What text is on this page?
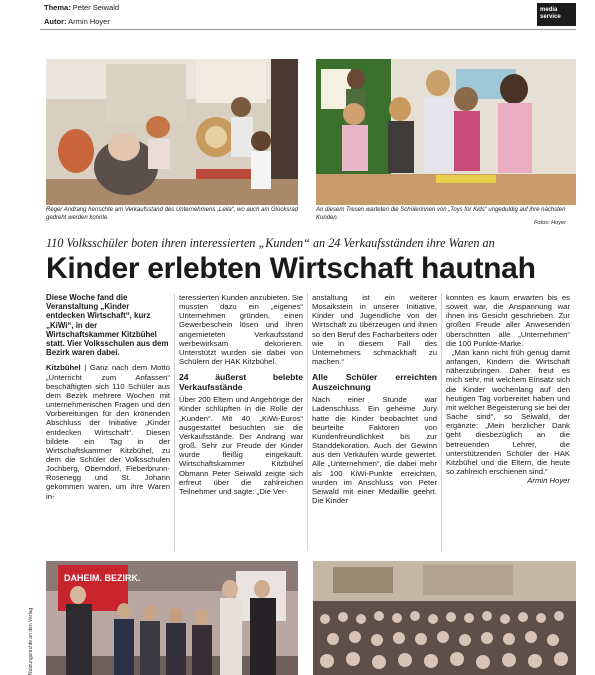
Thema: Peter Seiwald
Autor: Armin Hoyer
media
service
Reger Andrang herrschte am Verkaufsstand des Unternehmens „Leila“, wo auch am Glücksrad gedreht werden konnte.
An diesem Tresen warteten die Schülerinnen von „Toys for Kids“ ungeduldig auf ihre nächsten Kunden.
Fotos: Hoyer
110 Volksschüler boten ihren interessierten „Kunden“ an 24 Verkaufsständen ihre Waren an
Kinder erlebten Wirtschaft hautnah

Diese Woche fand die Veranstaltung „Kinder entdecken Wirtschaft“, kurz „KiWi“, in der Wirtschaftskammer Kitzbühel statt. Vier Volksschulen aus dem Bezirk waren dabei.

Kitzbühel | Ganz nach dem Motto „Unterricht zum Anfassen“ beschäftigten sich 110 Schüler aus dem Bezirk mehrere Wochen mit unternehmerischen Fragen und den Vorbereitungen für den krönenden Abschluss der Initiative „Kinder entdecken Wirtschaft“. Diesen bildete ein Tag in der Wirtschaftskammer Kitzbühel, zu dem die Schüler der Volksschulen Jochberg, Oberndorf, Fieberbrunn-Rosenegg und St. Johann gekommen waren, um ihre Waren in-

teressierten Kunden anzubieten. Sie mussten dazu ein „eigenes“ Unternehmen gründen, einen Gewerbeschein lösen und ihren angemieteten Verkaufsstand werbewirksam dekorieren. Unterstützt wurden sie dabei von Schülern der HAK Kitzbühel.

24 äußerst belebte Verkaufsstände

Über 200 Eltern und Angehörige der Kinder schlüpften in die Rolle der „Kunden“. Mit 40 „KiWi-Euros“ ausgestattet besuchten sie die Verkaufsstände. Der Andrang war groß. Sehr zur Freude der Kinder wurde fleißig eingekauft. Wirtschaftskammer Kitzbühel Obmann Peter Seiwald zeigte sich erfreut über die zahlreichen Teilnehmer und sagte: „Die Ver-

anstaltung ist ein weiterer Mosaikstein in unserer Initiative, Kinder und Jugendliche von der Wirtschaft zu überzeugen und ihnen so den Beruf des Facharbeiters oder wie in diesem Fall des Unternehmers schmackhaft zu machen.“

Alle Schüler erreichten Auszeichnung

Nach einer Stunde war Ladenschluss. Ein geheime Jury hatte die Kinder beobachtet und beurteilte Faktoren von Kundenfreundlichkeit bis zur Standdekoration. Auch der Gewinn aus den Verkäufen wurde gewertet. Alle „Unternehmen“, die dabei mehr als 100 KiWi-Punkte erreichten, wurden im Anschluss von Peter Seiwald mit einer Medaillie geehrt. Die Kinder

konnten es kaum erwarten bis es soweit war, die Anspannung war ihnen ins Gesicht geschrieben. Zur großen Freude aller Anwesenden überschritten alle „Unternehmen“ die 100 Punkte-Marke.

„Man kann nicht früh genug damit anfangen, Kindern die Wirtschaft näherzubringen. Daher freut es mich sehr, mit welchem Einsatz sich die Kinder wochenlang auf den heutigen Tag vorbereitet haben und mit welcher Begeisterung sie bei der Sache sind“, so Seiwald, der ergänzte: „Mein herzlicher Dank geht diesbezüglich an die betreuenden Lehrer, die unterstützenden Schüler der HAK Kitzbühel und die Eltern, die heute so zahlreich erschienen sind.“

Armin Hoyer

DAHEIM. BEZIRK.
Nutzungsrechte an den Verlag
